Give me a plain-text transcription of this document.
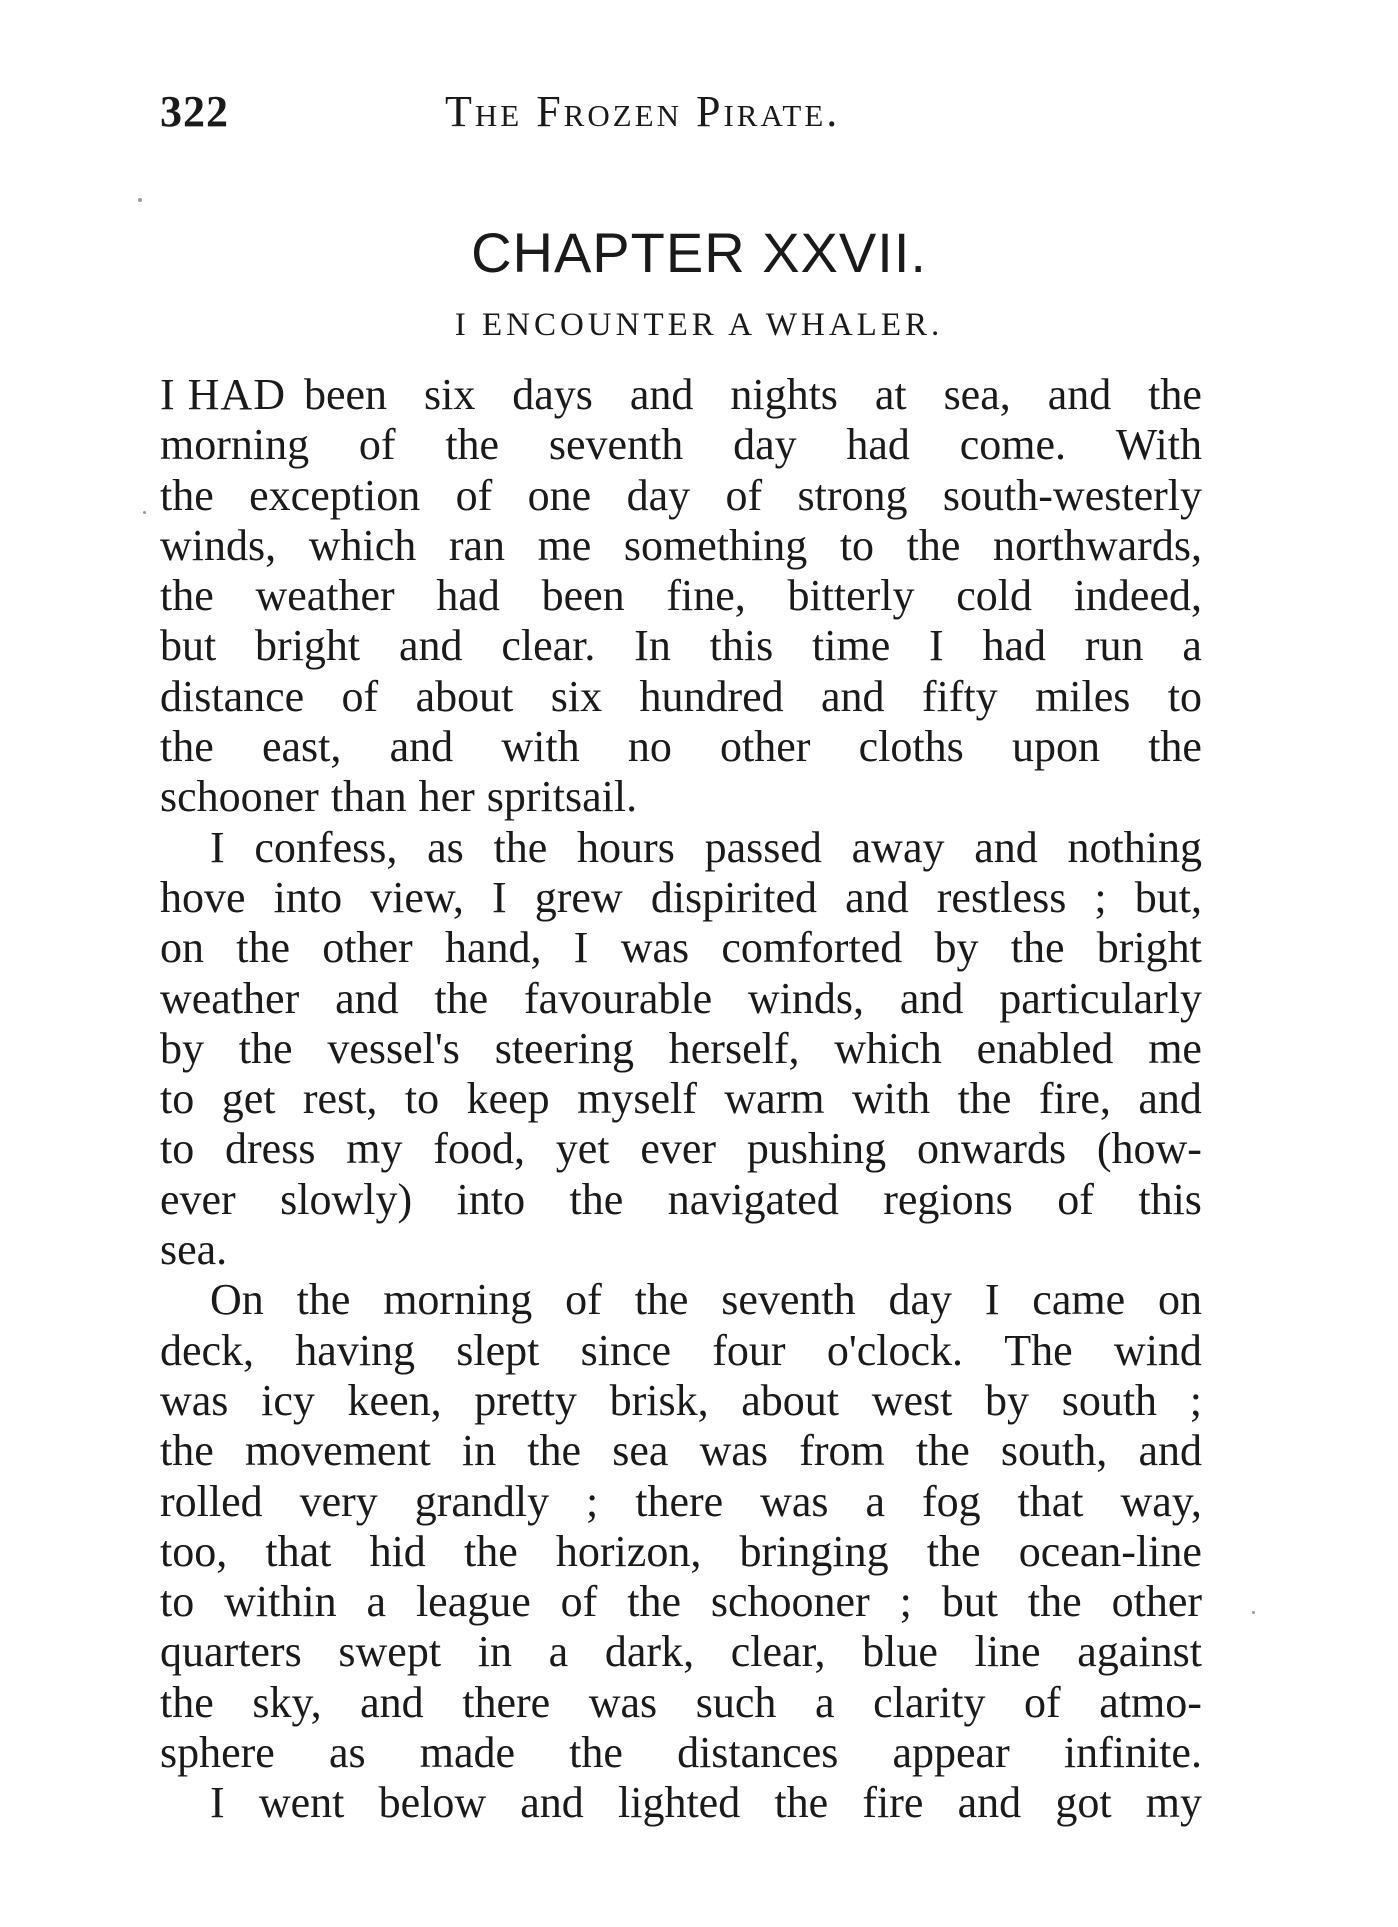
322	The Frozen Pirate.
CHAPTER XXVII.
I ENCOUNTER A WHALER.
I HAD been six days and nights at sea, and the
morning of the seventh day had come. With
the exception of one day of strong south-westerly
winds, which ran me something to the northwards,
the weather had been fine, bitterly cold indeed,
but bright and clear. In this time I had run a
distance of about six hundred and fifty miles to
the east, and with no other cloths upon the
schooner than her spritsail.
I confess, as the hours passed away and nothing
hove into view, I grew dispirited and restless ; but,
on the other hand, I was comforted by the bright
weather and the favourable winds, and particularly
by the vessel's steering herself, which enabled me
to get rest, to keep myself warm with the fire, and
to dress my food, yet ever pushing onwards (how-
ever slowly) into the navigated regions of this
sea.
On the morning of the seventh day I came on
deck, having slept since four o'clock. The wind
was icy keen, pretty brisk, about west by south ;
the movement in the sea was from the south, and
rolled very grandly ; there was a fog that way,
too, that hid the horizon, bringing the ocean-line
to within a league of the schooner ; but the other
quarters swept in a dark, clear, blue line against
the sky, and there was such a clarity of atmo-
sphere as made the distances appear infinite.
I went below and lighted the fire and got my
